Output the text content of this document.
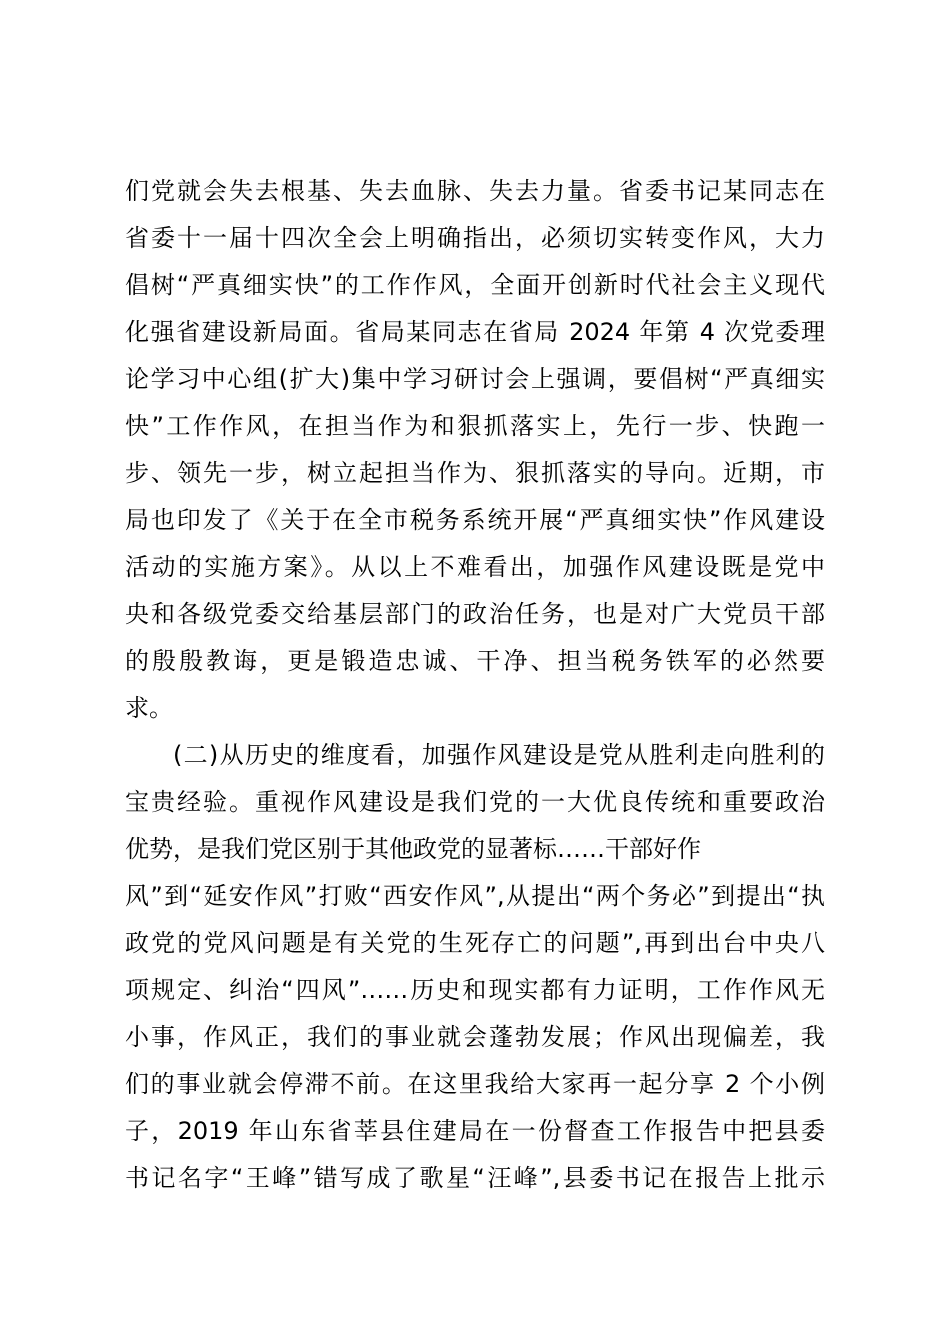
们党就会失去根基、失去血脉、失去力量。省委书记某同志在
省委十一届十四次全会上明确指出，必须切实转变作风，大力
倡树“严真细实快”的工作作风，全面开创新时代社会主义现代
化强省建设新局面。省局某同志在省局 2024 年第 4 次党委理
论学习中心组(扩大)集中学习研讨会上强调，要倡树“严真细实
快”工作作风，在担当作为和狠抓落实上，先行一步、快跑一
步、领先一步，树立起担当作为、狠抓落实的导向。近期，市
局也印发了《关于在全市税务系统开展“严真细实快”作风建设
活动的实施方案》。从以上不难看出，加强作风建设既是党中
央和各级党委交给基层部门的政治任务，也是对广大党员干部
的殷殷教诲，更是锻造忠诚、干净、担当税务铁军的必然要
求。
(二)从历史的维度看，加强作风建设是党从胜利走向胜利的
宝贵经验。重视作风建设是我们党的一大优良传统和重要政治
优势，是我们党区别于其他政党的显著标……干部好作
风”到“延安作风”打败“西安作风”,从提出“两个务必”到提出“执
政党的党风问题是有关党的生死存亡的问题”,再到出台中央八
项规定、纠治“四风”……历史和现实都有力证明，工作作风无
小事，作风正，我们的事业就会蓬勃发展；作风出现偏差，我
们的事业就会停滞不前。在这里我给大家再一起分享 2 个小例
子，2019 年山东省莘县住建局在一份督查工作报告中把县委
书记名字“王峰”错写成了歌星“汪峰”,县委书记在报告上批示
